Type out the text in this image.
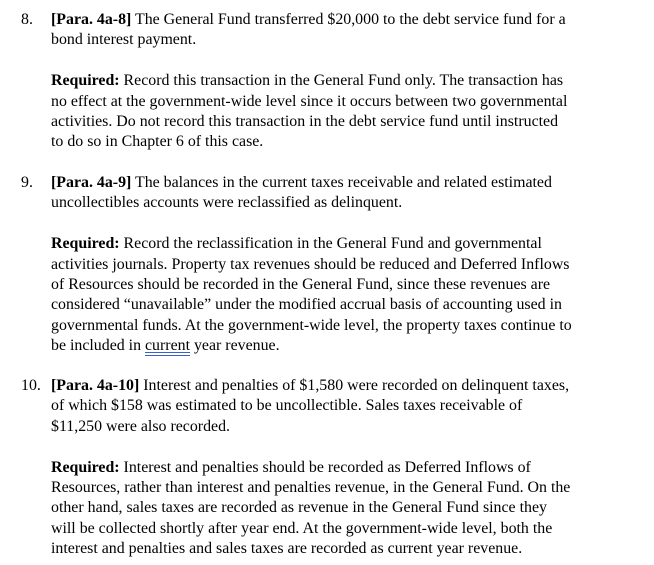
8. [Para. 4a-8] The General Fund transferred $20,000 to the debt service fund for a
bond interest payment.
Required: Record this transaction in the General Fund only. The transaction has
no effect at the government-wide level since it occurs between two governmental
activities. Do not record this transaction in the debt service fund until instructed
to do so in Chapter 6 of this case.
9. [Para. 4a-9] The balances in the current taxes receivable and related estimated
uncollectibles accounts were reclassified as delinquent.
Required: Record the reclassification in the General Fund and governmental
activities journals. Property tax revenues should be reduced and Deferred Inflows
of Resources should be recorded in the General Fund, since these revenues are
considered “unavailable” under the modified accrual basis of accounting used in
governmental funds. At the government-wide level, the property taxes continue to
be included in current year revenue.
10. [Para. 4a-10] Interest and penalties of $1,580 were recorded on delinquent taxes,
of which $158 was estimated to be uncollectible. Sales taxes receivable of
$11,250 were also recorded.
Required: Interest and penalties should be recorded as Deferred Inflows of
Resources, rather than interest and penalties revenue, in the General Fund. On the
other hand, sales taxes are recorded as revenue in the General Fund since they
will be collected shortly after year end. At the government-wide level, both the
interest and penalties and sales taxes are recorded as current year revenue.
